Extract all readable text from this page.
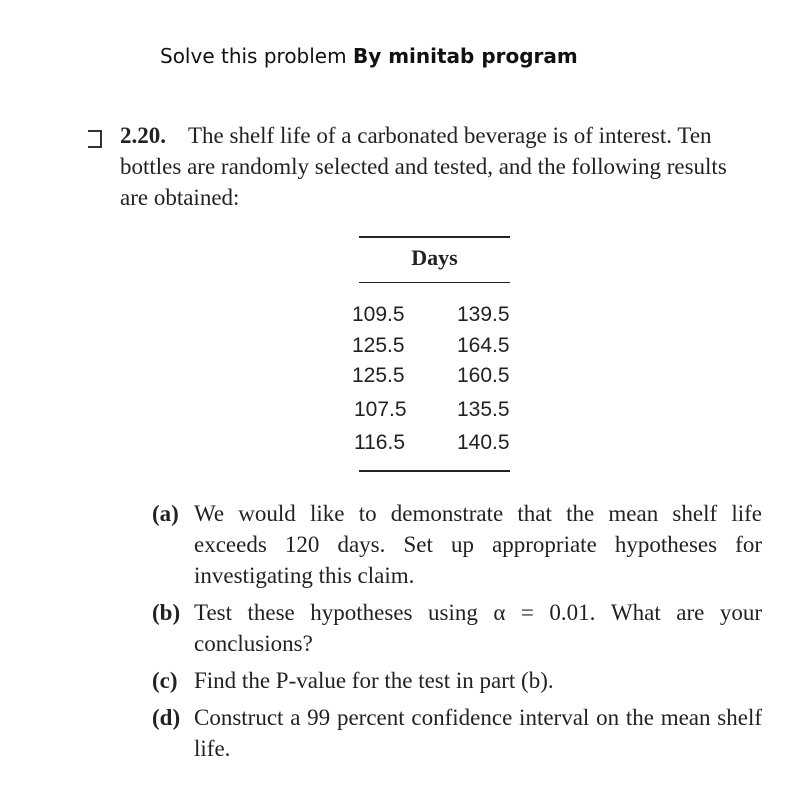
Solve this problem By minitab program
2.20. The shelf life of a carbonated beverage is of interest. Ten bottles are randomly selected and tested, and the following results are obtained:
Days
109.5 139.5
125.5 164.5
125.5 160.5
107.5 135.5
116.5 140.5
(a) We would like to demonstrate that the mean shelf life exceeds 120 days. Set up appropriate hypotheses for investigating this claim.

(b) Test these hypotheses using α = 0.01. What are your conclusions?

(c) Find the P-value for the test in part (b).

(d) Construct a 99 percent confidence interval on the mean shelf life.
